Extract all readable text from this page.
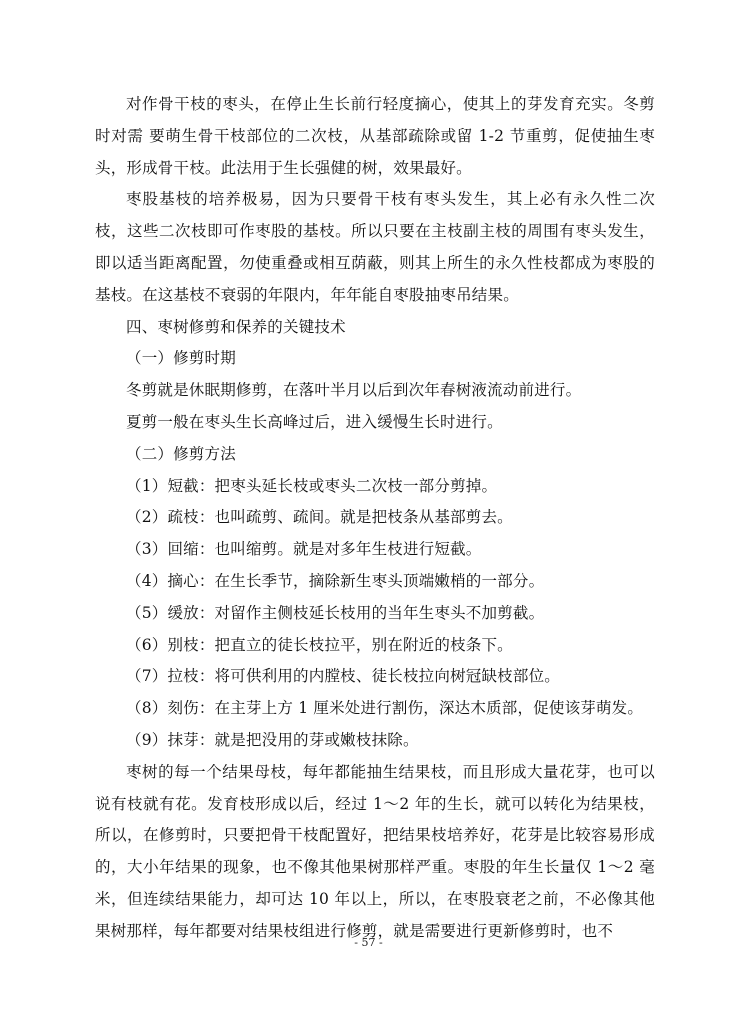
对作骨干枝的枣头，在停止生长前行轻度摘心，使其上的芽发育充实。冬剪时对需 要萌生骨干枝部位的二次枝，从基部疏除或留 1-2 节重剪，促使抽生枣头，形成骨干枝。此法用于生长强健的树，效果最好。

枣股基枝的培养极易，因为只要骨干枝有枣头发生，其上必有永久性二次枝，这些二次枝即可作枣股的基枝。所以只要在主枝副主枝的周围有枣头发生，即以适当距离配置，勿使重叠或相互荫蔽，则其上所生的永久性枝都成为枣股的基枝。在这基枝不衰弱的年限内，年年能自枣股抽枣吊结果。

四、枣树修剪和保养的关键技术

（一）修剪时期

冬剪就是休眠期修剪，在落叶半月以后到次年春树液流动前进行。

夏剪一般在枣头生长高峰过后，进入缓慢生长时进行。

（二）修剪方法

（1）短截：把枣头延长枝或枣头二次枝一部分剪掉。

（2）疏枝：也叫疏剪、疏间。就是把枝条从基部剪去。

（3）回缩：也叫缩剪。就是对多年生枝进行短截。

（4）摘心：在生长季节，摘除新生枣头顶端嫩梢的一部分。

（5）缓放：对留作主侧枝延长枝用的当年生枣头不加剪截。

（6）别枝：把直立的徒长枝拉平，别在附近的枝条下。

（7）拉枝：将可供利用的内膛枝、徒长枝拉向树冠缺枝部位。

（8）刻伤：在主芽上方 1 厘米处进行割伤，深达木质部，促使该芽萌发。

（9）抹芽：就是把没用的芽或嫩枝抹除。

枣树的每一个结果母枝，每年都能抽生结果枝，而且形成大量花芽，也可以说有枝就有花。发育枝形成以后，经过 1～2 年的生长，就可以转化为结果枝，所以，在修剪时，只要把骨干枝配置好，把结果枝培养好，花芽是比较容易形成的，大小年结果的现象，也不像其他果树那样严重。枣股的年生长量仅 1～2 毫米，但连续结果能力，却可达 10 年以上，所以，在枣股衰老之前，不必像其他果树那样，每年都要对结果枝组进行修剪，就是需要进行更新修剪时，也不

- 57 -
